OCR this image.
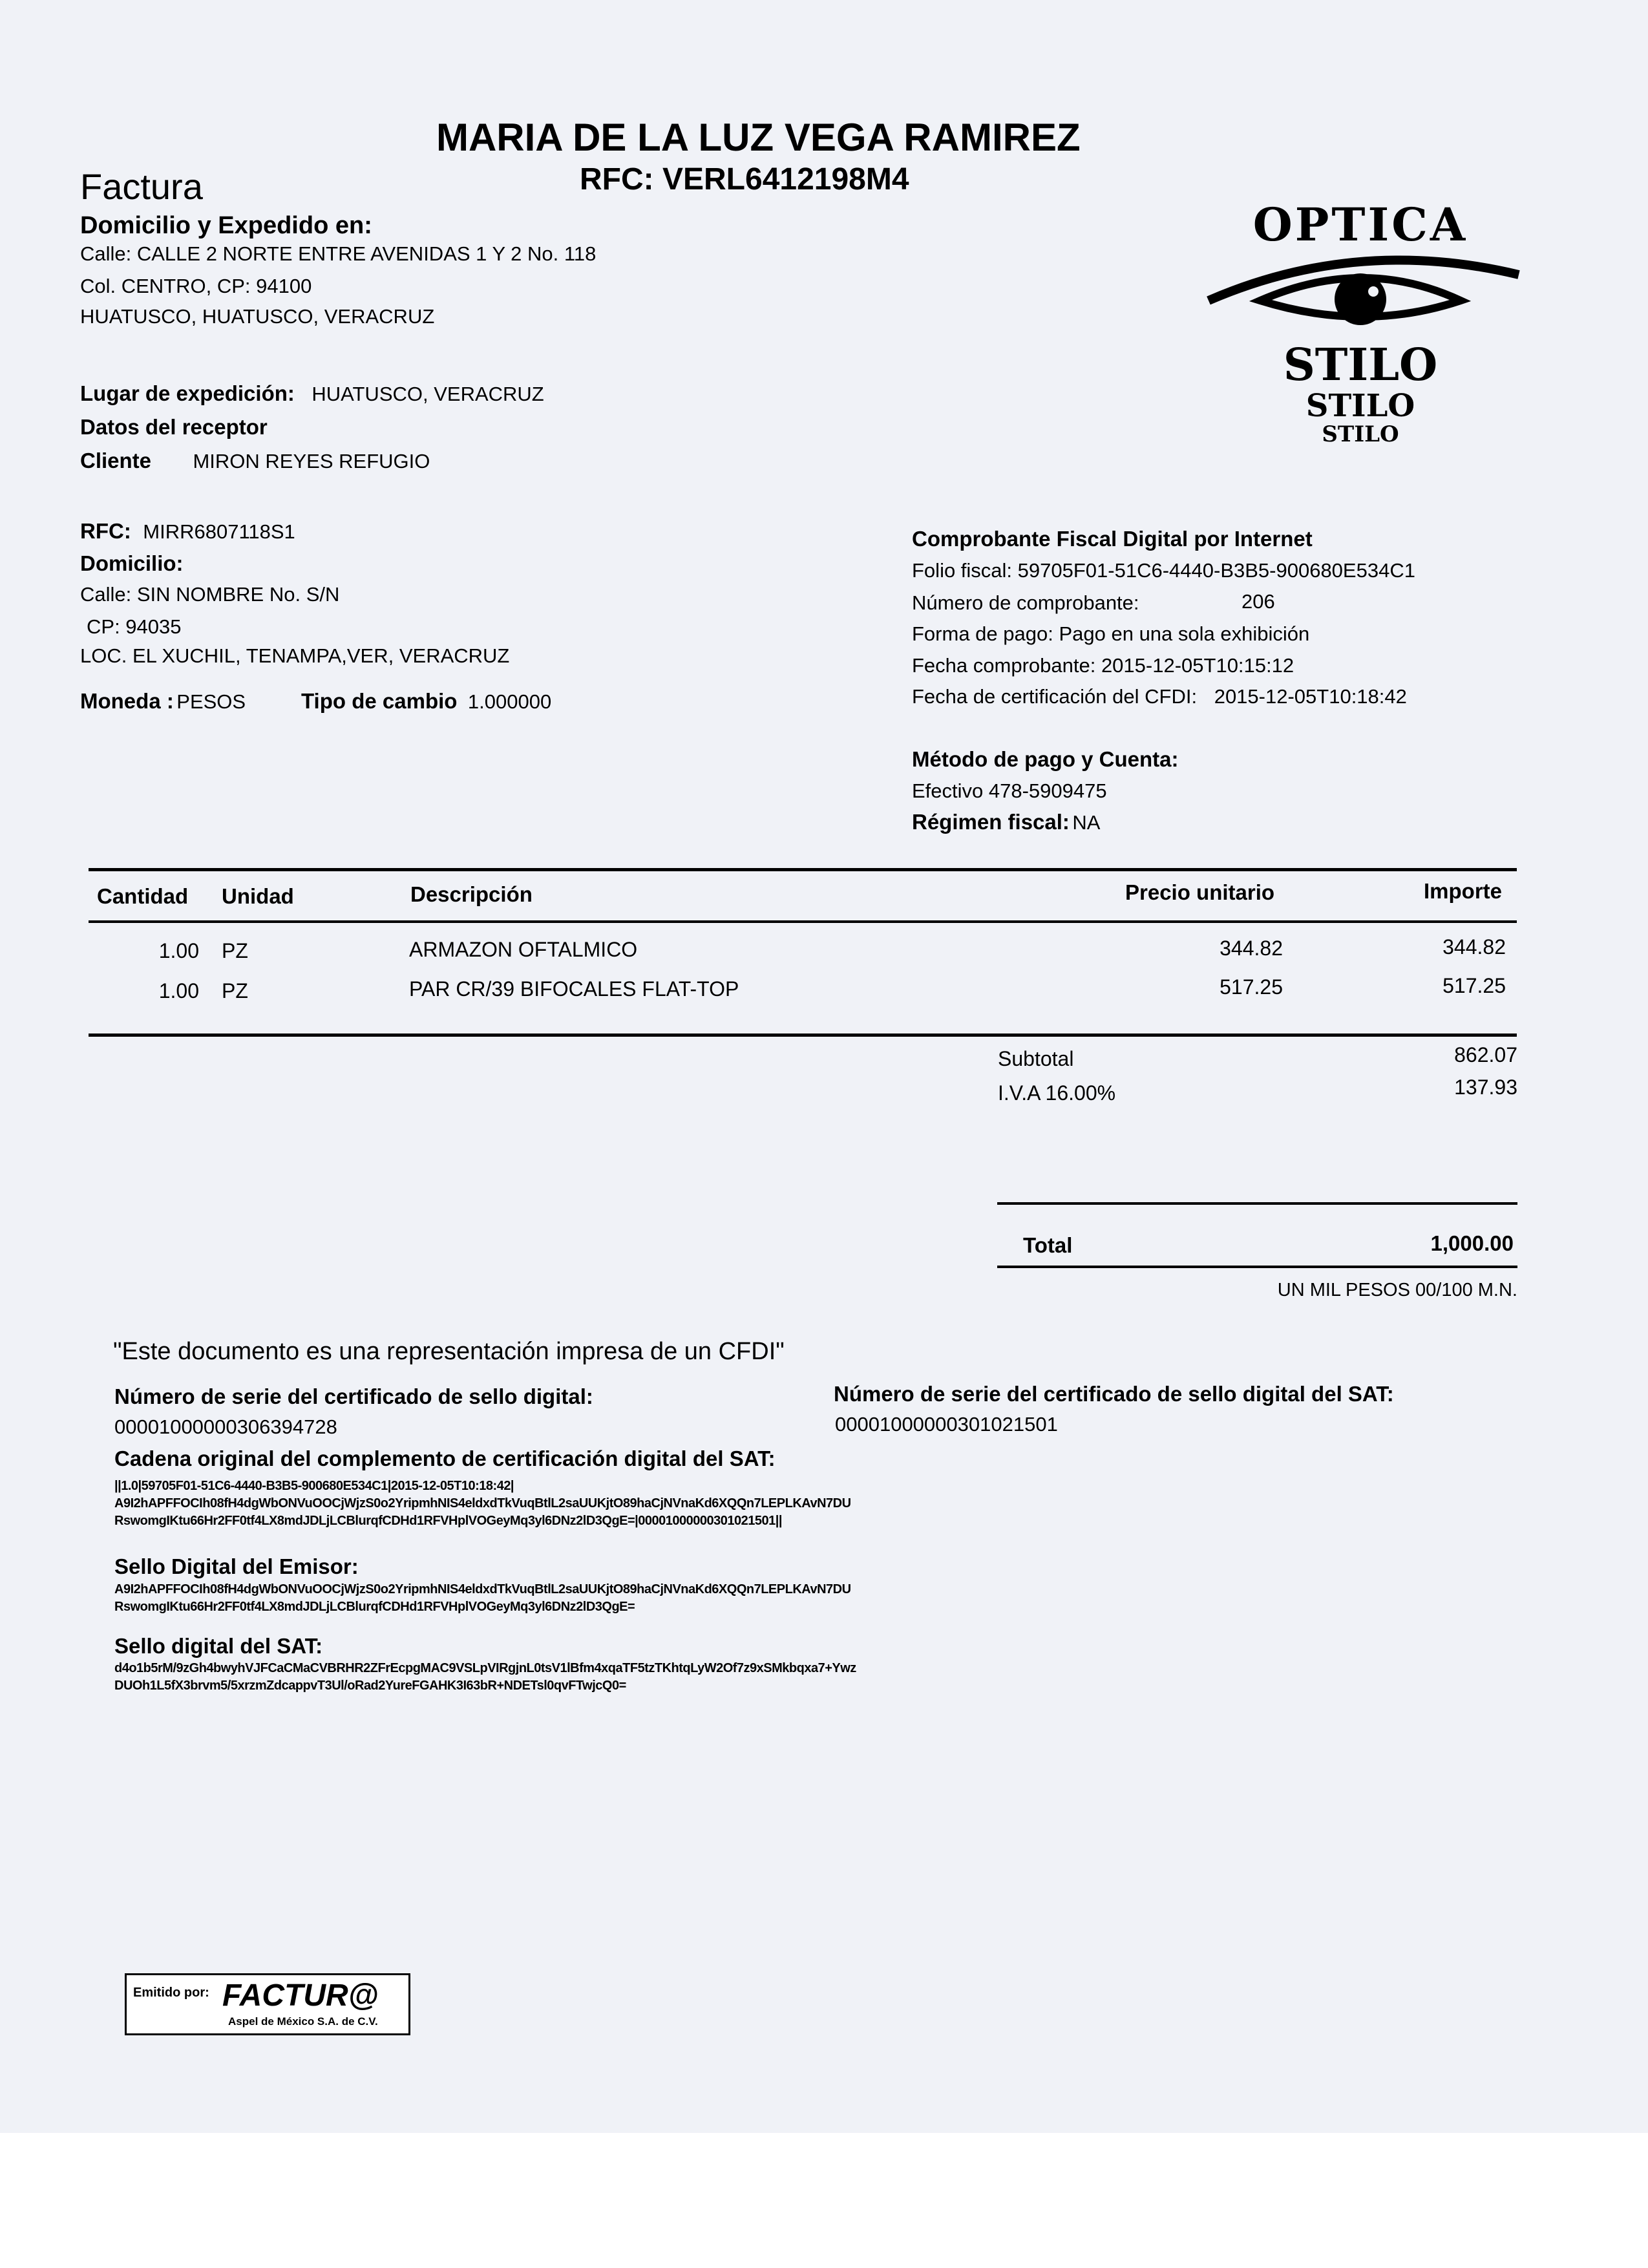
MARIA DE LA LUZ VEGA RAMIREZ
RFC: VERL6412198M4
Factura
Domicilio y Expedido en:
Calle: CALLE 2 NORTE ENTRE AVENIDAS 1 Y 2 No. 118
Col. CENTRO, CP: 94100
HUATUSCO, HUATUSCO, VERACRUZ
Lugar de expedición: HUATUSCO, VERACRUZ
Datos del receptor
Cliente MIRON REYES REFUGIO
OPTICA
STILO
STILO
STILO
RFC: MIRR6807118S1
Domicilio:
Calle: SIN NOMBRE No. S/N
CP: 94035
LOC. EL XUCHIL, TENAMPA,VER, VERACRUZ
Moneda : PESOS	Tipo de cambio 1.000000
Comprobante Fiscal Digital por Internet
Folio fiscal: 59705F01-51C6-4440-B3B5-900680E534C1
Número de comprobante:	206
Forma de pago: Pago en una sola exhibición
Fecha comprobante: 2015-12-05T10:15:12
Fecha de certificación del CFDI: 2015-12-05T10:18:42
Método de pago y Cuenta:
Efectivo 478-5909475
Régimen fiscal: NA
Cantidad Unidad	Descripción	Precio unitario	Importe
1.00 PZ	ARMAZON OFTALMICO	344.82	344.82
1.00 PZ	PAR CR/39 BIFOCALES FLAT-TOP	517.25	517.25
Subtotal	862.07
I.V.A 16.00%	137.93
Total	1,000.00
UN MIL PESOS 00/100 M.N.
"Este documento es una representación impresa de un CFDI"
Número de serie del certificado de sello digital:
00001000000306394728
Número de serie del certificado de sello digital del SAT:
00001000000301021501
Cadena original del complemento de certificación digital del SAT:
||1.0|59705F01-51C6-4440-B3B5-900680E534C1|2015-12-05T10:18:42|
A9I2hAPFFOCIh08fH4dgWbONVuOOCjWjzS0o2YripmhNIS4eldxdTkVuqBtlL2saUUKjtO89haCjNVnaKd6XQQn7LEPLKAvN7DU
RswomgIKtu66Hr2FF0tf4LX8mdJDLjLCBlurqfCDHd1RFVHplVOGeyMq3yl6DNz2lD3QgE=|00001000000301021501||
Sello Digital del Emisor:
A9I2hAPFFOCIh08fH4dgWbONVuOOCjWjzS0o2YripmhNIS4eldxdTkVuqBtlL2saUUKjtO89haCjNVnaKd6XQQn7LEPLKAvN7DU
RswomgIKtu66Hr2FF0tf4LX8mdJDLjLCBlurqfCDHd1RFVHplVOGeyMq3yl6DNz2lD3QgE=
Sello digital del SAT:
d4o1b5rM/9zGh4bwyhVJFCaCMaCVBRHR2ZFrEcpgMAC9VSLpVIRgjnL0tsV1lBfm4xqaTF5tzTKhtqLyW2Of7z9xSMkbqxa7+Ywz
DUOh1L5fX3brvm5/5xrzmZdcappvT3Ul/oRad2YureFGAHK3I63bR+NDETsl0qvFTwjcQ0=
Emitido por: FACTUR@
Aspel de México S.A. de C.V.
